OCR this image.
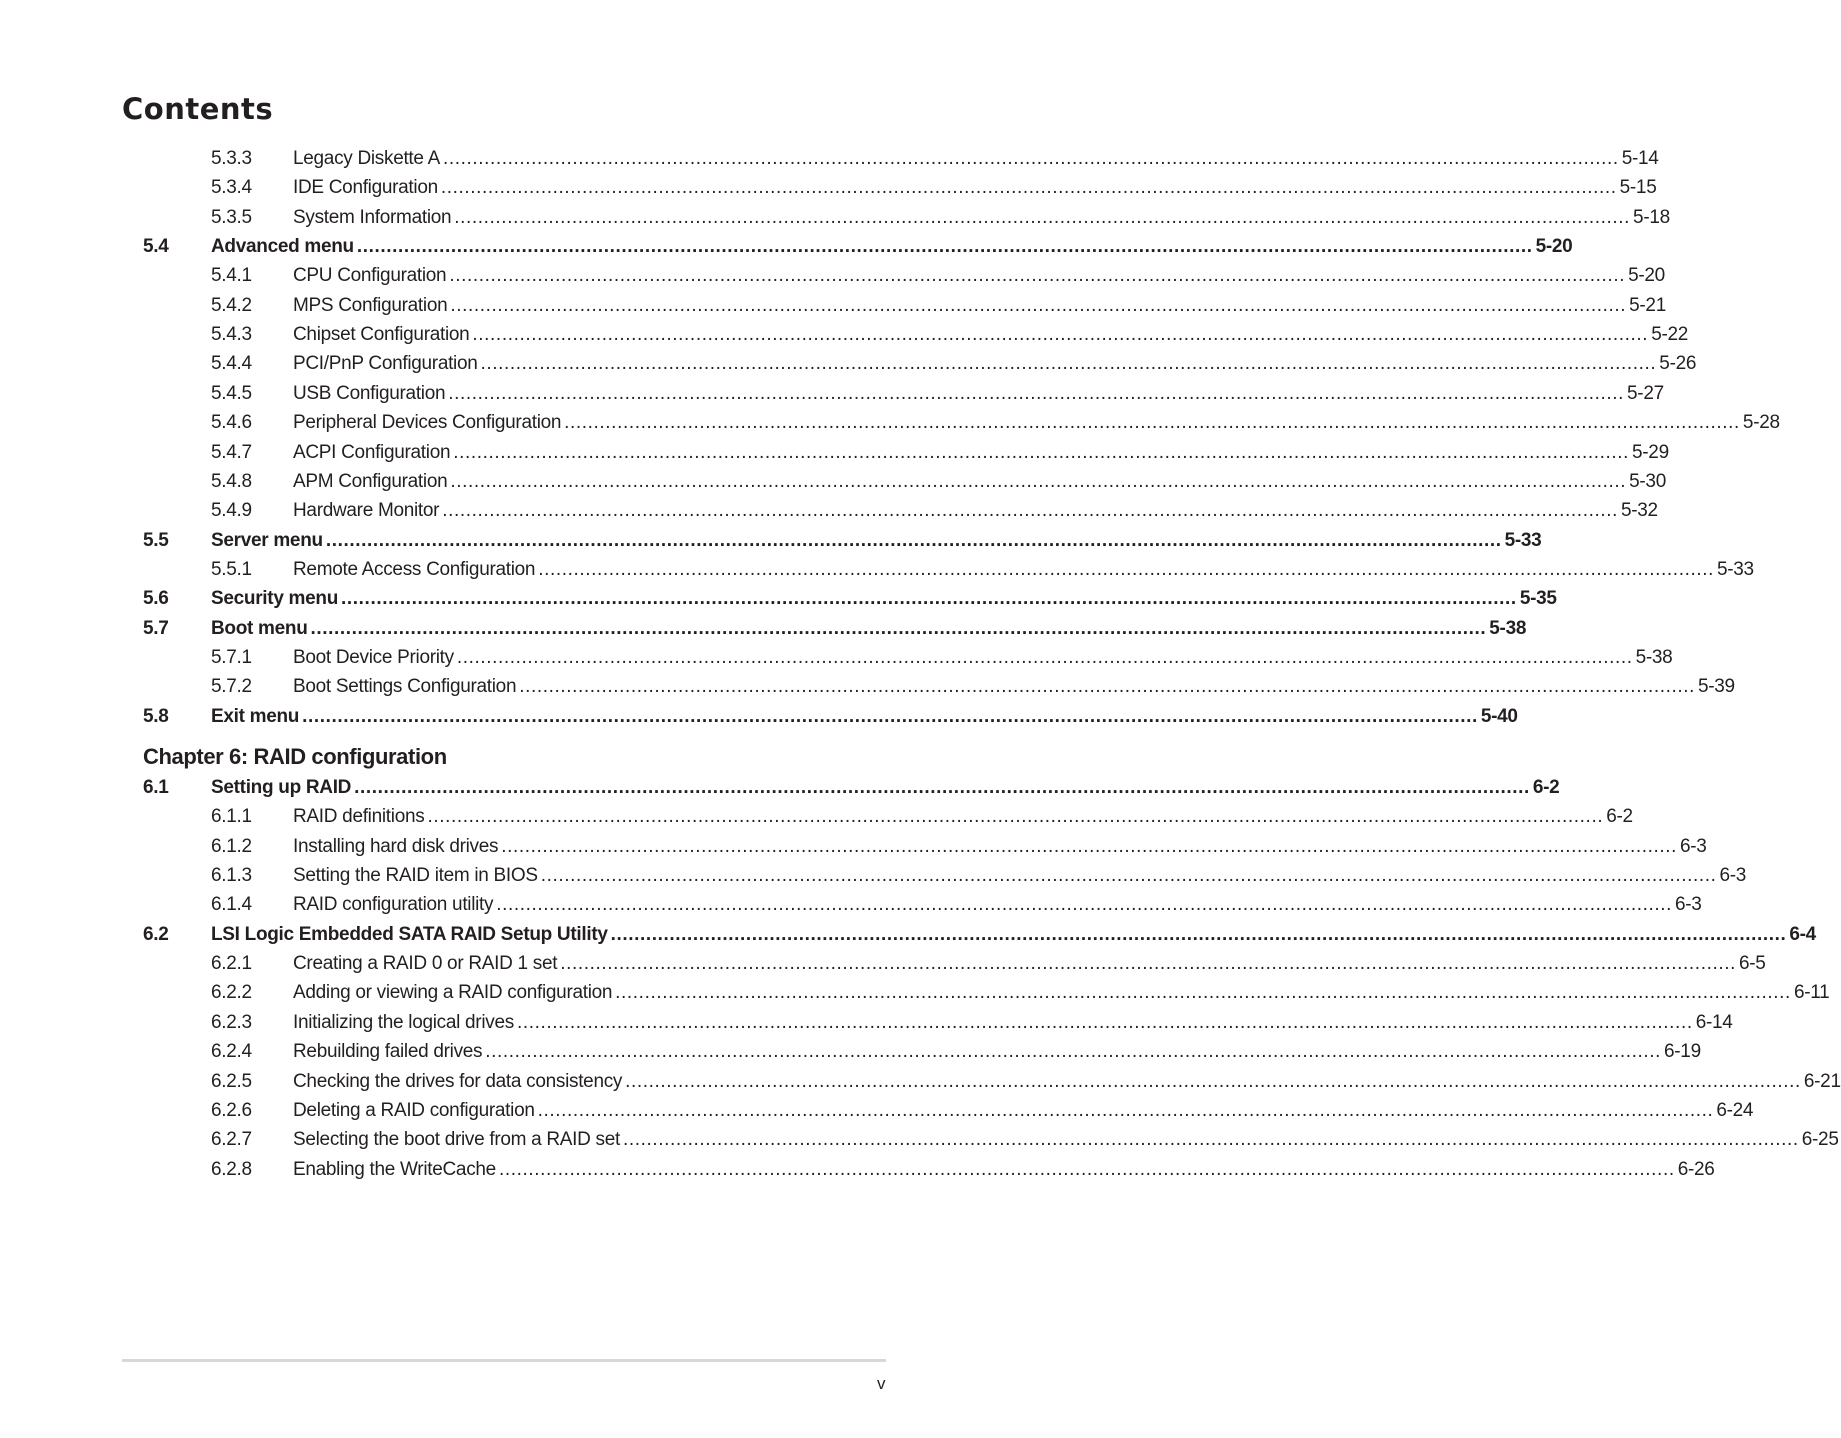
Contents
5.3.3 Legacy Diskette A ........................................................................................................................................................................................................ 5-14
5.3.4 IDE Configuration ........................................................................................................................................................................................................ 5-15
5.3.5 System Information ........................................................................................................................................................................................................ 5-18
5.4 Advanced menu ........................................................................................................................................................................................................ 5-20
5.4.1 CPU Configuration ........................................................................................................................................................................................................ 5-20
5.4.2 MPS Configuration ........................................................................................................................................................................................................ 5-21
5.4.3 Chipset Configuration ........................................................................................................................................................................................................ 5-22
5.4.4 PCI/PnP Configuration ........................................................................................................................................................................................................ 5-26
5.4.5 USB Configuration ........................................................................................................................................................................................................ 5-27
5.4.6 Peripheral Devices Configuration ........................................................................................................................................................................................................ 5-28
5.4.7 ACPI Configuration ........................................................................................................................................................................................................ 5-29
5.4.8 APM Configuration ........................................................................................................................................................................................................ 5-30
5.4.9 Hardware Monitor ........................................................................................................................................................................................................ 5-32
5.5 Server menu ........................................................................................................................................................................................................ 5-33
5.5.1 Remote Access Configuration ........................................................................................................................................................................................................ 5-33
5.6 Security menu ........................................................................................................................................................................................................ 5-35
5.7 Boot menu ........................................................................................................................................................................................................ 5-38
5.7.1 Boot Device Priority ........................................................................................................................................................................................................ 5-38
5.7.2 Boot Settings Configuration ........................................................................................................................................................................................................ 5-39
5.8 Exit menu ........................................................................................................................................................................................................ 5-40
Chapter 6: RAID configuration
6.1 Setting up RAID ........................................................................................................................................................................................................ 6-2
6.1.1 RAID definitions ........................................................................................................................................................................................................ 6-2
6.1.2 Installing hard disk drives ........................................................................................................................................................................................................ 6-3
6.1.3 Setting the RAID item in BIOS ........................................................................................................................................................................................................ 6-3
6.1.4 RAID configuration utility ........................................................................................................................................................................................................ 6-3
6.2 LSI Logic Embedded SATA RAID Setup Utility ........................................................................................................................................................................................................ 6-4
6.2.1 Creating a RAID 0 or RAID 1 set ........................................................................................................................................................................................................ 6-5
6.2.2 Adding or viewing a RAID configuration ........................................................................................................................................................................................................ 6-11
6.2.3 Initializing the logical drives ........................................................................................................................................................................................................ 6-14
6.2.4 Rebuilding failed drives ........................................................................................................................................................................................................ 6-19
6.2.5 Checking the drives for data consistency ........................................................................................................................................................................................................ 6-21
6.2.6 Deleting a RAID configuration ........................................................................................................................................................................................................ 6-24
6.2.7 Selecting the boot drive from a RAID set ........................................................................................................................................................................................................ 6-25
6.2.8 Enabling the WriteCache ........................................................................................................................................................................................................ 6-26
v
